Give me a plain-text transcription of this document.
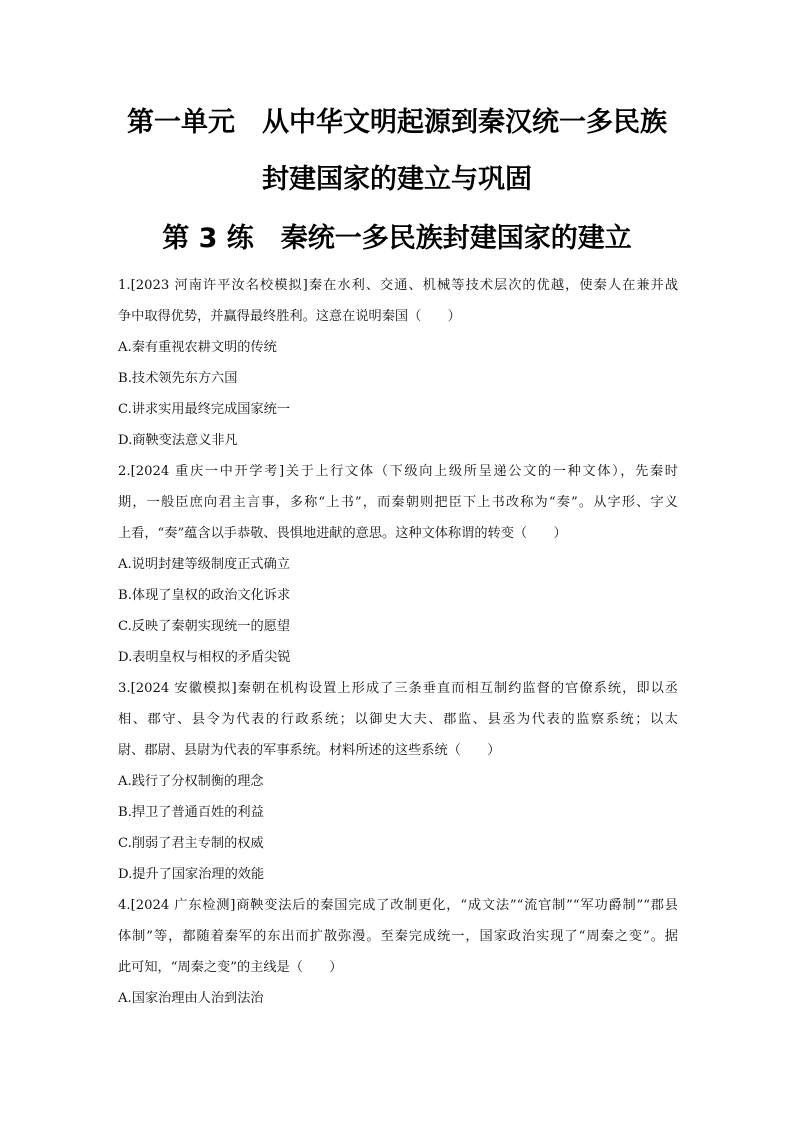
第一单元　从中华文明起源到秦汉统一多民族
封建国家的建立与巩固
第 3 练　秦统一多民族封建国家的建立
1.[2023 河南许平汝名校模拟]秦在水利、交通、机械等技术层次的优越，使秦人在兼并战
争中取得优势，并赢得最终胜利。这意在说明秦国（　　）
A.秦有重视农耕文明的传统
B.技术领先东方六国
C.讲求实用最终完成国家统一
D.商鞅变法意义非凡
2.[2024 重庆一中开学考]关于上行文体（下级向上级所呈递公文的一种文体），先秦时
期，一般臣庶向君主言事，多称“上书”，而秦朝则把臣下上书改称为“奏”。从字形、字义
上看，“奏”蕴含以手恭敬、畏惧地进献的意思。这种文体称谓的转变（　　）
A.说明封建等级制度正式确立
B.体现了皇权的政治文化诉求
C.反映了秦朝实现统一的愿望
D.表明皇权与相权的矛盾尖锐
3.[2024 安徽模拟]秦朝在机构设置上形成了三条垂直而相互制约监督的官僚系统，即以丞
相、郡守、县令为代表的行政系统；以御史大夫、郡监、县丞为代表的监察系统；以太
尉、郡尉、县尉为代表的军事系统。材料所述的这些系统（　　）
A.践行了分权制衡的理念
B.捍卫了普通百姓的利益
C.削弱了君主专制的权威
D.提升了国家治理的效能
4.[2024 广东检测]商鞅变法后的秦国完成了改制更化，“成文法”“流官制”“军功爵制”“郡县
体制”等，都随着秦军的东出而扩散弥漫。至秦完成统一，国家政治实现了“周秦之变”。据
此可知，“周秦之变”的主线是（　　）
A.国家治理由人治到法治
